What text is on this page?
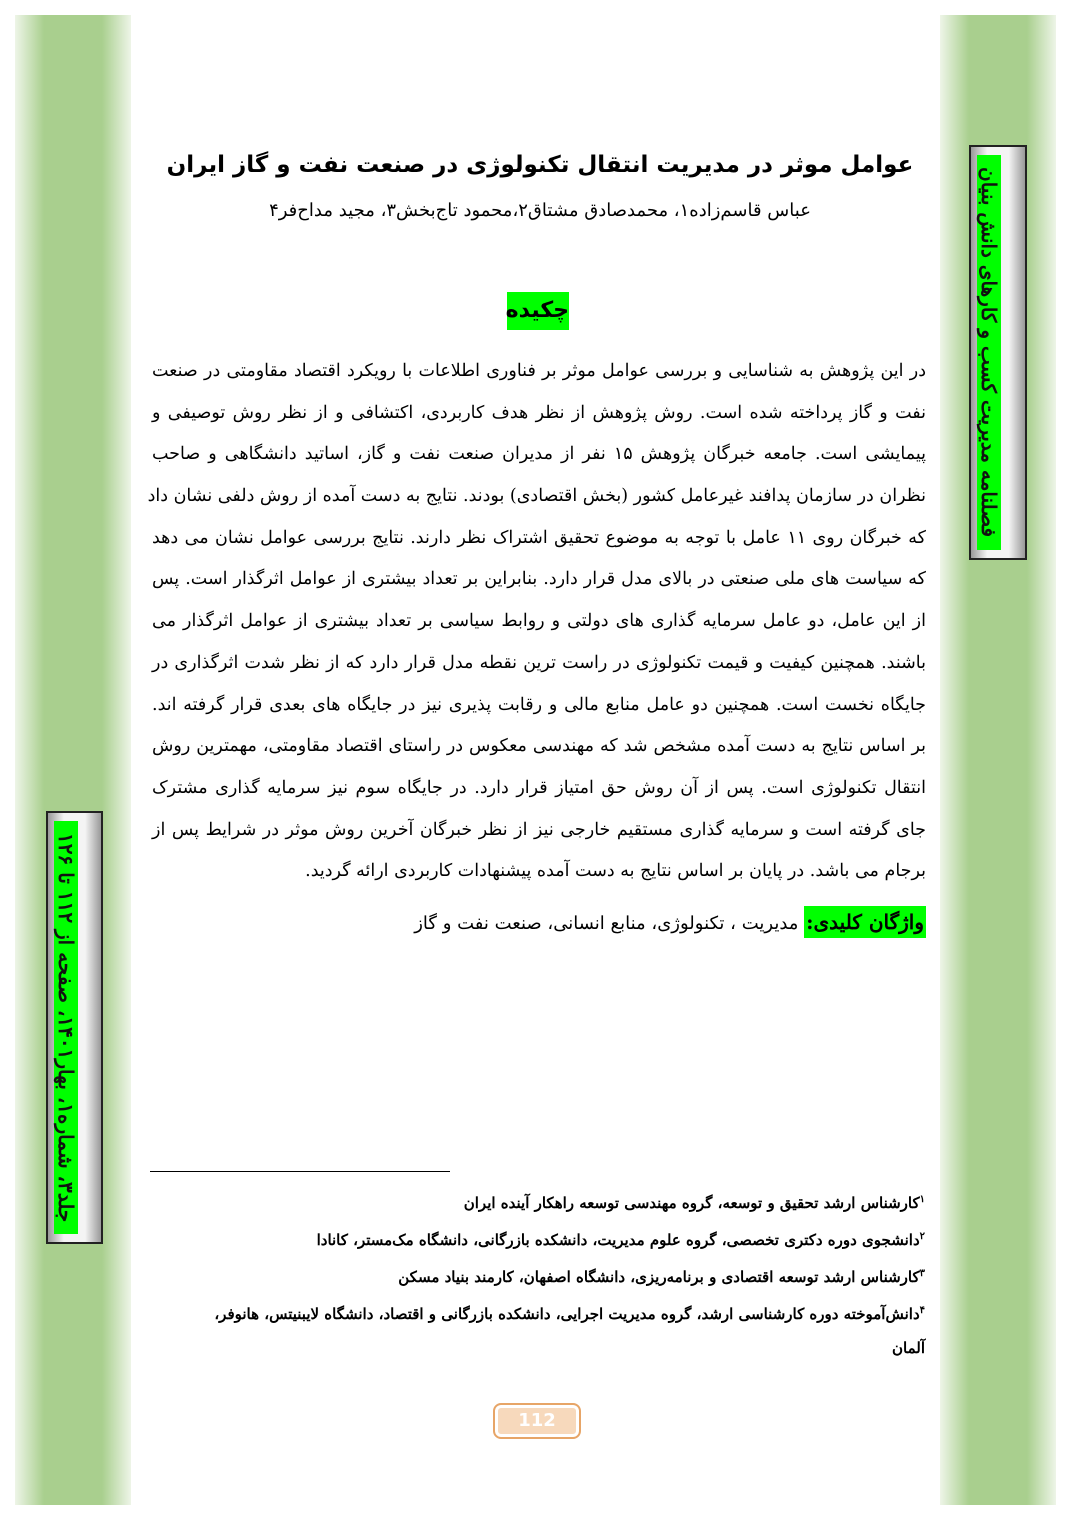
فصلنامه مدیریت کسب و کارهای دانش بنیان
جلد۳، شماره۱، بهار۱۴۰۱، صفحه از ۱۱۲ تا ۱۲۶
عوامل موثر در مدیریت انتقال تکنولوژی در صنعت نفت و گاز ایران
عباس قاسم‌زاده۱، محمدصادق مشتاق۲،محمود تاج‌بخش۳، مجید مداح‌فر۴
چکیده
در این پژوهش به شناسایی و بررسی عوامل موثر بر فناوری اطلاعات با رویکرد اقتصاد مقاومتی در صنعت
نفت و گاز پرداخته شده است. روش پژوهش از نظر هدف کاربردی، اکتشافی و از نظر روش توصیفی و
پیمایشی است. جامعه خبرگان پژوهش ۱۵ نفر از مدیران صنعت نفت و گاز، اساتید دانشگاهی و صاحب
نظران در سازمان پدافند غیرعامل کشور (بخش اقتصادی) بودند. نتایج به دست آمده از روش دلفی نشان داد
که خبرگان روی ۱۱ عامل با توجه به موضوع تحقیق اشتراک نظر دارند. نتایج بررسی عوامل نشان می دهد
که سیاست های ملی صنعتی در بالای مدل قرار دارد. بنابراین بر تعداد بیشتری از عوامل اثرگذار است. پس
از این عامل، دو عامل سرمایه گذاری های دولتی و روابط سیاسی بر تعداد بیشتری از عوامل اثرگذار می
باشند. همچنین کیفیت و قیمت تکنولوژی در راست ترین نقطه مدل قرار دارد که از نظر شدت اثرگذاری در
جایگاه نخست است. همچنین دو عامل منابع مالی و رقابت پذیری نیز در جایگاه های بعدی قرار گرفته اند.
بر اساس نتایج به دست آمده مشخص شد که مهندسی معکوس در راستای اقتصاد مقاومتی، مهمترین روش
انتقال تکنولوژی است. پس از آن روش حق امتیاز قرار دارد. در جایگاه سوم نیز سرمایه گذاری مشترک
جای گرفته است و سرمایه گذاری مستقیم خارجی نیز از نظر خبرگان آخرین روش موثر در شرایط پس از
برجام می باشد. در پایان بر اساس نتایج به دست آمده پیشنهادات کاربردی ارائه گردید.
واژگان کلیدی: مدیریت ، تکنولوژی، منابع انسانی، صنعت نفت و گاز
$^۱$کارشناس ارشد تحقیق و توسعه، گروه مهندسی توسعه راهکار آینده ایران
$^۲$دانشجوی دوره دکتری تخصصی، گروه علوم مدیریت، دانشکده بازرگانی، دانشگاه مک‌مستر، کانادا
$^۳$کارشناس ارشد توسعه اقتصادی و برنامه‌ریزی، دانشگاه اصفهان، کارمند بنیاد مسکن
$^۴$دانش‌آموخته دوره کارشناسی ارشد، گروه مدیریت اجرایی، دانشکده بازرگانی و اقتصاد، دانشگاه لایبنیتس، هانوفر،
آلمان
112
